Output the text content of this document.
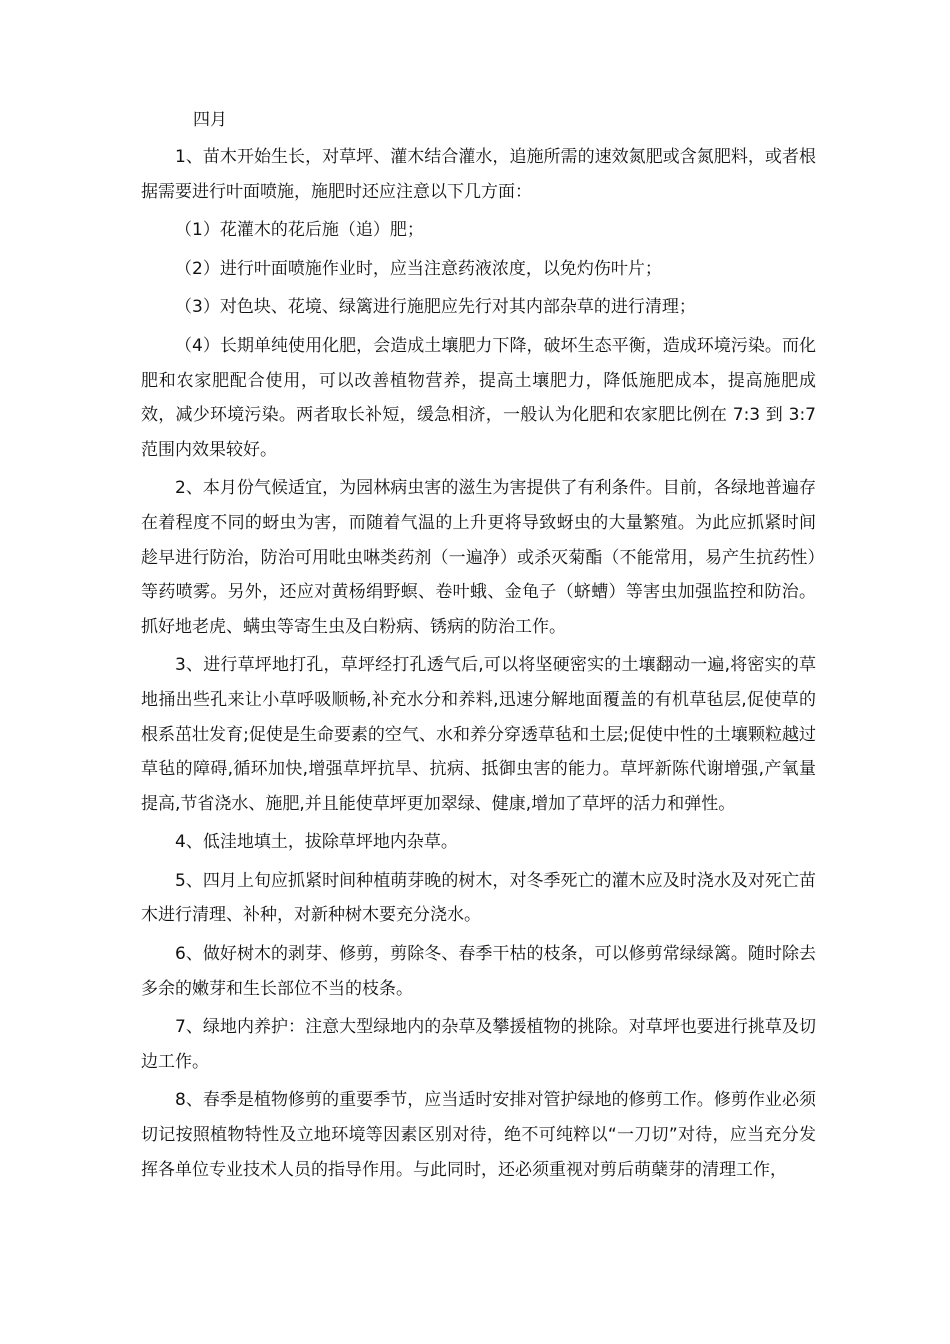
四月

1、苗木开始生长，对草坪、灌木结合灌水，追施所需的速效氮肥或含氮肥料，或者根据需要进行叶面喷施，施肥时还应注意以下几方面：

（1）花灌木的花后施（追）肥；

（2）进行叶面喷施作业时，应当注意药液浓度，以免灼伤叶片；

（3）对色块、花境、绿篱进行施肥应先行对其内部杂草的进行清理；

（4）长期单纯使用化肥，会造成土壤肥力下降，破坏生态平衡，造成环境污染。而化肥和农家肥配合使用，可以改善植物营养，提高土壤肥力，降低施肥成本，提高施肥成效，减少环境污染。两者取长补短，缓急相济，一般认为化肥和农家肥比例在 7:3 到 3:7 范围内效果较好。

2、本月份气候适宜，为园林病虫害的滋生为害提供了有利条件。目前，各绿地普遍存在着程度不同的蚜虫为害，而随着气温的上升更将导致蚜虫的大量繁殖。为此应抓紧时间趁早进行防治，防治可用吡虫啉类药剂（一遍净）或杀灭菊酯（不能常用，易产生抗药性）等药喷雾。另外，还应对黄杨绢野螟、卷叶蛾、金龟子（蛴螬）等害虫加强监控和防治。抓好地老虎、螨虫等寄生虫及白粉病、锈病的防治工作。

3、进行草坪地打孔，草坪经打孔透气后,可以将坚硬密实的土壤翻动一遍,将密实的草地捅出些孔来让小草呼吸顺畅,补充水分和养料,迅速分解地面覆盖的有机草毡层,促使草的根系茁壮发育;促使是生命要素的空气、水和养分穿透草毡和土层;促使中性的土壤颗粒越过草毡的障碍,循环加快,增强草坪抗旱、抗病、抵御虫害的能力。草坪新陈代谢增强,产氧量提高,节省浇水、施肥,并且能使草坪更加翠绿、健康,增加了草坪的活力和弹性。

4、低洼地填土，拔除草坪地内杂草。

5、四月上旬应抓紧时间种植萌芽晚的树木，对冬季死亡的灌木应及时浇水及对死亡苗木进行清理、补种，对新种树木要充分浇水。

6、做好树木的剥芽、修剪，剪除冬、春季干枯的枝条，可以修剪常绿绿篱。随时除去多余的嫩芽和生长部位不当的枝条。

7、绿地内养护：注意大型绿地内的杂草及攀援植物的挑除。对草坪也要进行挑草及切边工作。

8、春季是植物修剪的重要季节，应当适时安排对管护绿地的修剪工作。修剪作业必须切记按照植物特性及立地环境等因素区别对待，绝不可纯粹以“一刀切”对待，应当充分发挥各单位专业技术人员的指导作用。与此同时，还必须重视对剪后萌蘖芽的清理工作，
